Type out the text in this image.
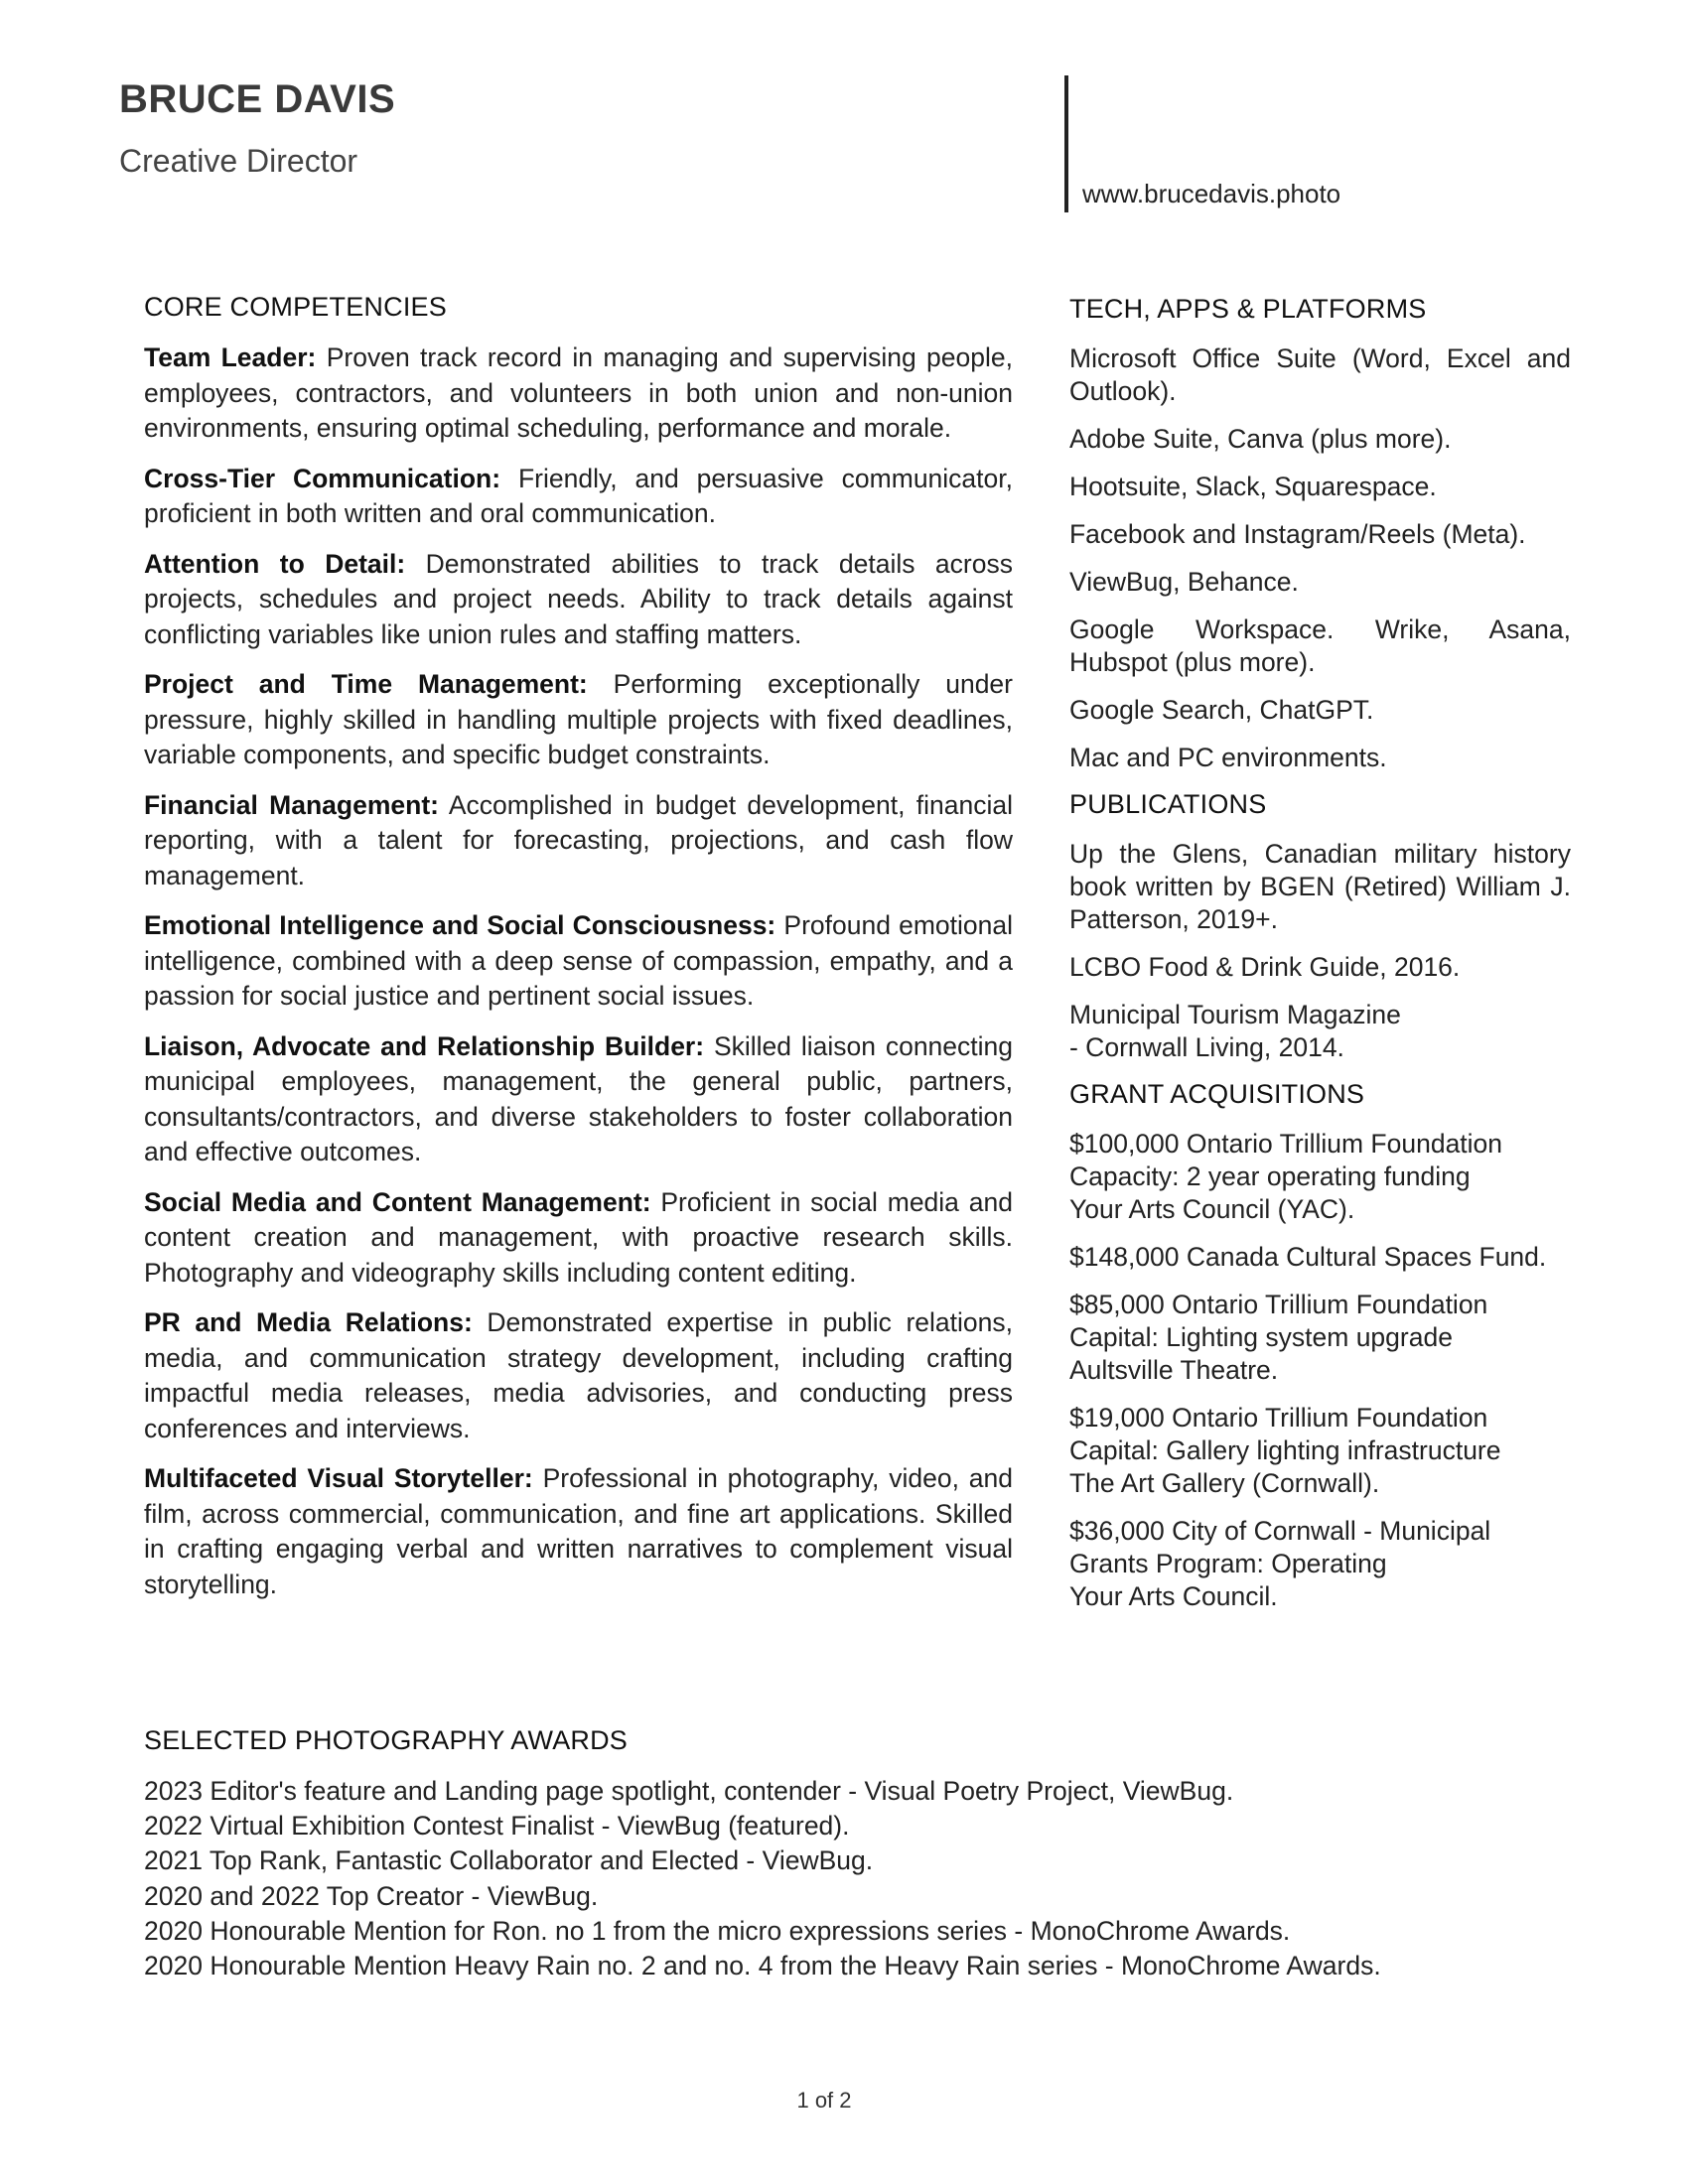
BRUCE DAVIS
Creative Director
www.brucedavis.photo
CORE COMPETENCIES

Team Leader: Proven track record in managing and supervising people, employees, contractors, and volunteers in both union and non-union environments, ensuring optimal scheduling, performance and morale.

Cross-Tier Communication: Friendly, and persuasive communicator, proficient in both written and oral communication.

Attention to Detail: Demonstrated abilities to track details across projects, schedules and project needs. Ability to track details against conflicting variables like union rules and staffing matters.

Project and Time Management: Performing exceptionally under pressure, highly skilled in handling multiple projects with fixed deadlines, variable components, and specific budget constraints.

Financial Management: Accomplished in budget development, financial reporting, with a talent for forecasting, projections, and cash flow management.

Emotional Intelligence and Social Consciousness: Profound emotional intelligence, combined with a deep sense of compassion, empathy, and a passion for social justice and pertinent social issues.

Liaison, Advocate and Relationship Builder: Skilled liaison connecting municipal employees, management, the general public, partners, consultants/contractors, and diverse stakeholders to foster collaboration and effective outcomes.

Social Media and Content Management: Proficient in social media and content creation and management, with proactive research skills. Photography and videography skills including content editing.

PR and Media Relations: Demonstrated expertise in public relations, media, and communication strategy development, including crafting impactful media releases, media advisories, and conducting press conferences and interviews.

Multifaceted Visual Storyteller: Professional in photography, video, and film, across commercial, communication, and fine art applications. Skilled in crafting engaging verbal and written narratives to complement visual storytelling.

TECH, APPS & PLATFORMS

Microsoft Office Suite (Word, Excel and Outlook).

Adobe Suite, Canva (plus more).

Hootsuite, Slack, Squarespace.

Facebook and Instagram/Reels (Meta).

ViewBug, Behance.

Google Workspace. Wrike, Asana, Hubspot (plus more).

Google Search, ChatGPT.

Mac and PC environments.

PUBLICATIONS

Up the Glens, Canadian military history book written by BGEN (Retired) William J. Patterson, 2019+.

LCBO Food & Drink Guide, 2016.

Municipal Tourism Magazine
- Cornwall Living, 2014.

GRANT ACQUISITIONS

$100,000 Ontario Trillium Foundation
Capacity: 2 year operating funding
Your Arts Council (YAC).

$148,000 Canada Cultural Spaces Fund.

$85,000 Ontario Trillium Foundation
Capital: Lighting system upgrade
Aultsville Theatre.

$19,000 Ontario Trillium Foundation
Capital: Gallery lighting infrastructure
The Art Gallery (Cornwall).

$36,000 City of Cornwall - Municipal
Grants Program: Operating
Your Arts Council.

SELECTED PHOTOGRAPHY AWARDS
2023 Editor's feature and Landing page spotlight, contender - Visual Poetry Project, ViewBug.
2022 Virtual Exhibition Contest Finalist - ViewBug (featured).
2021 Top Rank, Fantastic Collaborator and Elected - ViewBug.
2020 and 2022 Top Creator - ViewBug.
2020 Honourable Mention for Ron. no 1 from the micro expressions series - MonoChrome Awards.
2020 Honourable Mention Heavy Rain no. 2 and no. 4 from the Heavy Rain series - MonoChrome Awards.
1 of 2
